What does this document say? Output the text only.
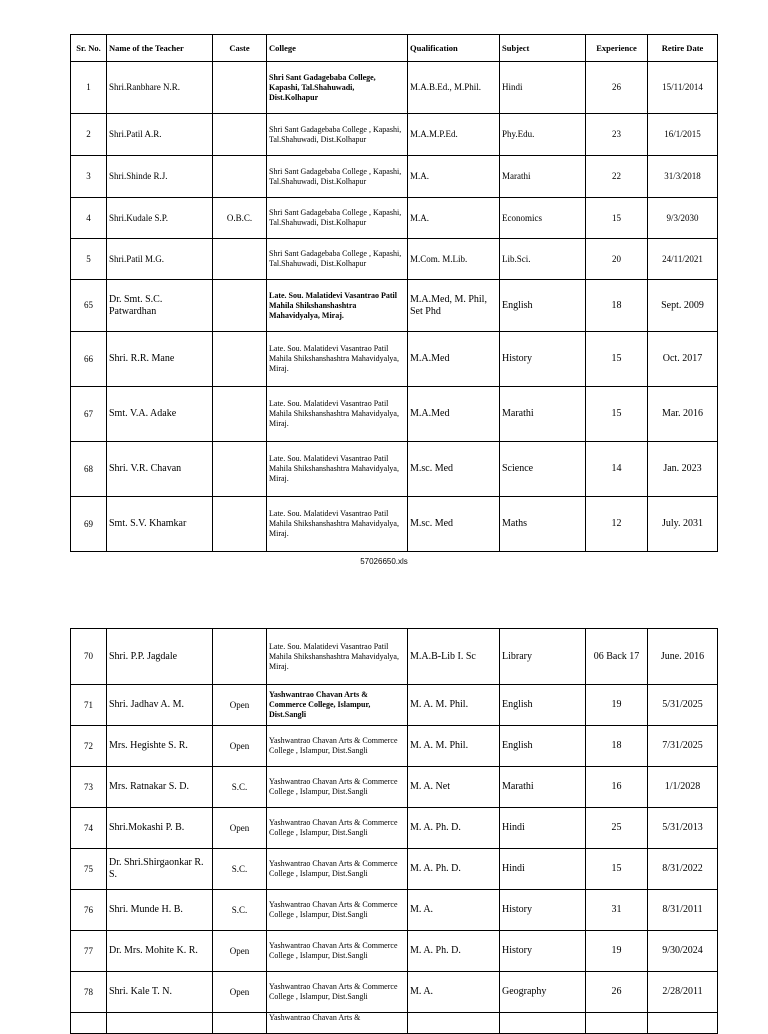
Sr. No.	Name of the Teacher	Caste	College	Qualification	Subject	Experience	Retire Date
1	Shri.Ranbhare N.R.		Shri Sant Gadagebaba College, Kapashi, Tal.Shahuwadi, Dist.Kolhapur	M.A.B.Ed., M.Phil.	Hindi	26	15/11/2014
2	Shri.Patil A.R.		Shri Sant Gadagebaba College , Kapashi, Tal.Shahuwadi, Dist.Kolhapur	M.A.M.P.Ed.	Phy.Edu.	23	16/1/2015
3	Shri.Shinde R.J.		Shri Sant Gadagebaba College , Kapashi, Tal.Shahuwadi, Dist.Kolhapur	M.A.	Marathi	22	31/3/2018
4	Shri.Kudale S.P.	O.B.C.	Shri Sant Gadagebaba College , Kapashi, Tal.Shahuwadi, Dist.Kolhapur	M.A.	Economics	15	9/3/2030
5	Shri.Patil M.G.		Shri Sant Gadagebaba College , Kapashi, Tal.Shahuwadi, Dist.Kolhapur	M.Com. M.Lib.	Lib.Sci.	20	24/11/2021
65	Dr. Smt. S.C. Patwardhan		Late. Sou. Malatidevi Vasantrao Patil Mahila Shikshanshashtra Mahavidyalya, Miraj.	M.A.Med, M. Phil, Set Phd	English	18	Sept. 2009
66	Shri. R.R. Mane		Late. Sou. Malatidevi Vasantrao Patil Mahila Shikshanshashtra Mahavidyalya, Miraj.	M.A.Med	History	15	Oct. 2017
67	Smt. V.A. Adake		Late. Sou. Malatidevi Vasantrao Patil Mahila Shikshanshashtra Mahavidyalya, Miraj.	M.A.Med	Marathi	15	Mar. 2016
68	Shri. V.R. Chavan		Late. Sou. Malatidevi Vasantrao Patil Mahila Shikshanshashtra Mahavidyalya, Miraj.	M.sc. Med	Science	14	Jan. 2023
69	Smt. S.V. Khamkar		Late. Sou. Malatidevi Vasantrao Patil Mahila Shikshanshashtra Mahavidyalya, Miraj.	M.sc. Med	Maths	12	July. 2031
57026650.xls
70	Shri. P.P. Jagdale		Late. Sou. Malatidevi Vasantrao Patil Mahila Shikshanshashtra Mahavidyalya, Miraj.	M.A.B-Lib I. Sc	Library	06 Back 17	June. 2016
71	Shri. Jadhav A. M.	Open	Yashwantrao Chavan Arts & Commerce College, Islampur, Dist.Sangli	M. A. M. Phil.	English	19	5/31/2025
72	Mrs. Hegishte S. R.	Open	Yashwantrao Chavan Arts & Commerce College , Islampur, Dist.Sangli	M. A. M. Phil.	English	18	7/31/2025
73	Mrs. Ratnakar S. D.	S.C.	Yashwantrao Chavan Arts & Commerce College , Islampur, Dist.Sangli	M. A. Net	Marathi	16	1/1/2028
74	Shri.Mokashi P. B.	Open	Yashwantrao Chavan Arts & Commerce College , Islampur, Dist.Sangli	M. A. Ph. D.	Hindi	25	5/31/2013
75	Dr. Shri.Shirgaonkar R. S.	S.C.	Yashwantrao Chavan Arts & Commerce College , Islampur, Dist.Sangli	M. A. Ph. D.	Hindi	15	8/31/2022
76	Shri. Munde H. B.	S.C.	Yashwantrao Chavan Arts & Commerce College , Islampur, Dist.Sangli	M. A.	History	31	8/31/2011
77	Dr. Mrs. Mohite K. R.	Open	Yashwantrao Chavan Arts & Commerce College , Islampur, Dist.Sangli	M. A. Ph. D.	History	19	9/30/2024
78	Shri. Kale T. N.	Open	Yashwantrao Chavan Arts & Commerce College , Islampur, Dist.Sangli	M. A.	Geography	26	2/28/2011
			Yashwantrao Chavan Arts &				
